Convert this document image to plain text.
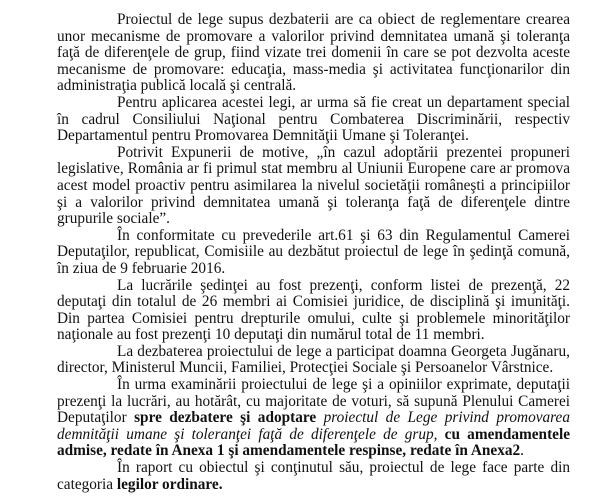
Proiectul de lege supus dezbaterii are ca obiect de reglementare crearea unor mecanisme de promovare a valorilor privind demnitatea umană şi toleranţa faţă de diferenţele de grup, fiind vizate trei domenii în care se pot dezvolta aceste mecanisme de promovare: educaţia, mass-media şi activitatea funcţionarilor din administraţia publică locală şi centrală.

Pentru aplicarea acestei legi, ar urma să fie creat un departament special în cadrul Consiliului Naţional pentru Combaterea Discriminării, respectiv Departamentul pentru Promovarea Demnităţii Umane şi Toleranţei.

Potrivit Expunerii de motive, „în cazul adoptării prezentei propuneri legislative, România ar fi primul stat membru al Uniunii Europene care ar promova acest model proactiv pentru asimilarea la nivelul societăţii româneşti a principiilor şi a valorilor privind demnitatea umană şi toleranţa faţă de diferenţele dintre grupurile sociale”.

În conformitate cu prevederile art.61 şi 63 din Regulamentul Camerei Deputaţilor, republicat, Comisiile au dezbătut proiectul de lege în şedinţă comună, în ziua de 9 februarie 2016.

La lucrările şedinţei au fost prezenţi, conform listei de prezenţă, 22 deputaţi din totalul de 26 membri ai Comisiei juridice, de disciplină şi imunităţi. Din partea Comisiei pentru drepturile omului, culte şi problemele minorităţilor naţionale au fost prezenţi 10 deputaţi din numărul total de 11 membri.

La dezbaterea proiectului de lege a participat doamna Georgeta Jugănaru, director, Ministerul Muncii, Familiei, Protecţiei Sociale şi Persoanelor Vârstnice.

În urma examinării proiectului de lege şi a opiniilor exprimate, deputaţii prezenţi la lucrări, au hotărât, cu majoritate de voturi, să supună Plenului Camerei Deputaţilor spre dezbatere şi adoptare proiectul de Lege privind promovarea demnităţii umane şi toleranţei faţă de diferenţele de grup, cu amendamentele admise, redate în Anexa 1 şi amendamentele respinse, redate în Anexa2.

În raport cu obiectul şi conţinutul său, proiectul de lege face parte din categoria legilor ordinare.
